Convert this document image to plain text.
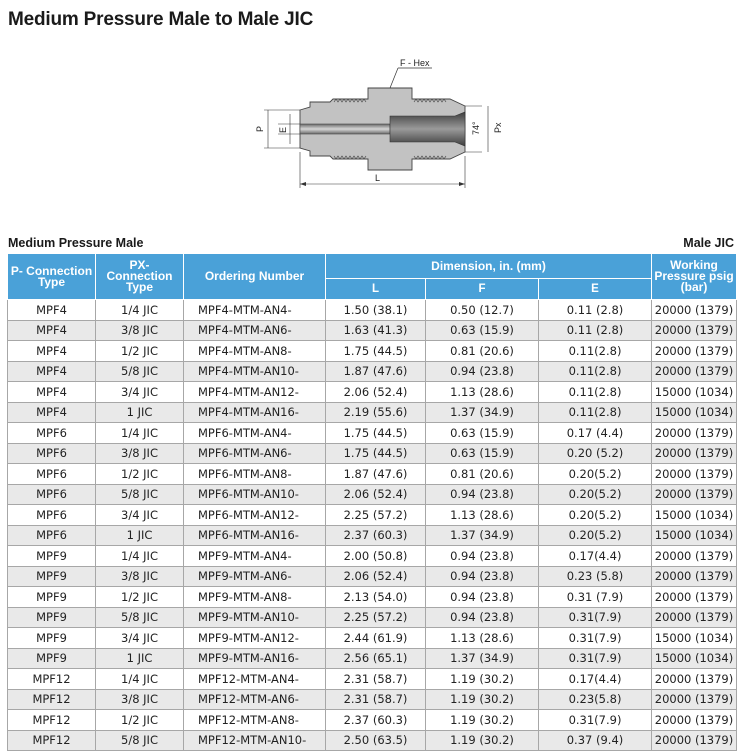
Medium Pressure Male to Male JIC
F - Hex
P E	74° Px
L
Medium Pressure Male	Male JIC
P- Connection Type	PX- Connection Type	Ordering Number	Dimension, in. (mm)			Working Pressure psig (bar)
			L	F	E	
MPF4	1/4 JIC	MPF4-MTM-AN4-	1.50 (38.1)	0.50 (12.7)	0.11 (2.8)	20000 (1379)
MPF4	3/8 JIC	MPF4-MTM-AN6-	1.63 (41.3)	0.63 (15.9)	0.11 (2.8)	20000 (1379)
MPF4	1/2 JIC	MPF4-MTM-AN8-	1.75 (44.5)	0.81 (20.6)	0.11(2.8)	20000 (1379)
MPF4	5/8 JIC	MPF4-MTM-AN10-	1.87 (47.6)	0.94 (23.8)	0.11(2.8)	20000 (1379)
MPF4	3/4 JIC	MPF4-MTM-AN12-	2.06 (52.4)	1.13 (28.6)	0.11(2.8)	15000 (1034)
MPF4	1 JIC	MPF4-MTM-AN16-	2.19 (55.6)	1.37 (34.9)	0.11(2.8)	15000 (1034)
MPF6	1/4 JIC	MPF6-MTM-AN4-	1.75 (44.5)	0.63 (15.9)	0.17 (4.4)	20000 (1379)
MPF6	3/8 JIC	MPF6-MTM-AN6-	1.75 (44.5)	0.63 (15.9)	0.20 (5.2)	20000 (1379)
MPF6	1/2 JIC	MPF6-MTM-AN8-	1.87 (47.6)	0.81 (20.6)	0.20(5.2)	20000 (1379)
MPF6	5/8 JIC	MPF6-MTM-AN10-	2.06 (52.4)	0.94 (23.8)	0.20(5.2)	20000 (1379)
MPF6	3/4 JIC	MPF6-MTM-AN12-	2.25 (57.2)	1.13 (28.6)	0.20(5.2)	15000 (1034)
MPF6	1 JIC	MPF6-MTM-AN16-	2.37 (60.3)	1.37 (34.9)	0.20(5.2)	15000 (1034)
MPF9	1/4 JIC	MPF9-MTM-AN4-	2.00 (50.8)	0.94 (23.8)	0.17(4.4)	20000 (1379)
MPF9	3/8 JIC	MPF9-MTM-AN6-	2.06 (52.4)	0.94 (23.8)	0.23 (5.8)	20000 (1379)
MPF9	1/2 JIC	MPF9-MTM-AN8-	2.13 (54.0)	0.94 (23.8)	0.31 (7.9)	20000 (1379)
MPF9	5/8 JIC	MPF9-MTM-AN10-	2.25 (57.2)	0.94 (23.8)	0.31(7.9)	20000 (1379)
MPF9	3/4 JIC	MPF9-MTM-AN12-	2.44 (61.9)	1.13 (28.6)	0.31(7.9)	15000 (1034)
MPF9	1 JIC	MPF9-MTM-AN16-	2.56 (65.1)	1.37 (34.9)	0.31(7.9)	15000 (1034)
MPF12	1/4 JIC	MPF12-MTM-AN4-	2.31 (58.7)	1.19 (30.2)	0.17(4.4)	20000 (1379)
MPF12	3/8 JIC	MPF12-MTM-AN6-	2.31 (58.7)	1.19 (30.2)	0.23(5.8)	20000 (1379)
MPF12	1/2 JIC	MPF12-MTM-AN8-	2.37 (60.3)	1.19 (30.2)	0.31(7.9)	20000 (1379)
MPF12	5/8 JIC	MPF12-MTM-AN10-	2.50 (63.5)	1.19 (30.2)	0.37 (9.4)	20000 (1379)
